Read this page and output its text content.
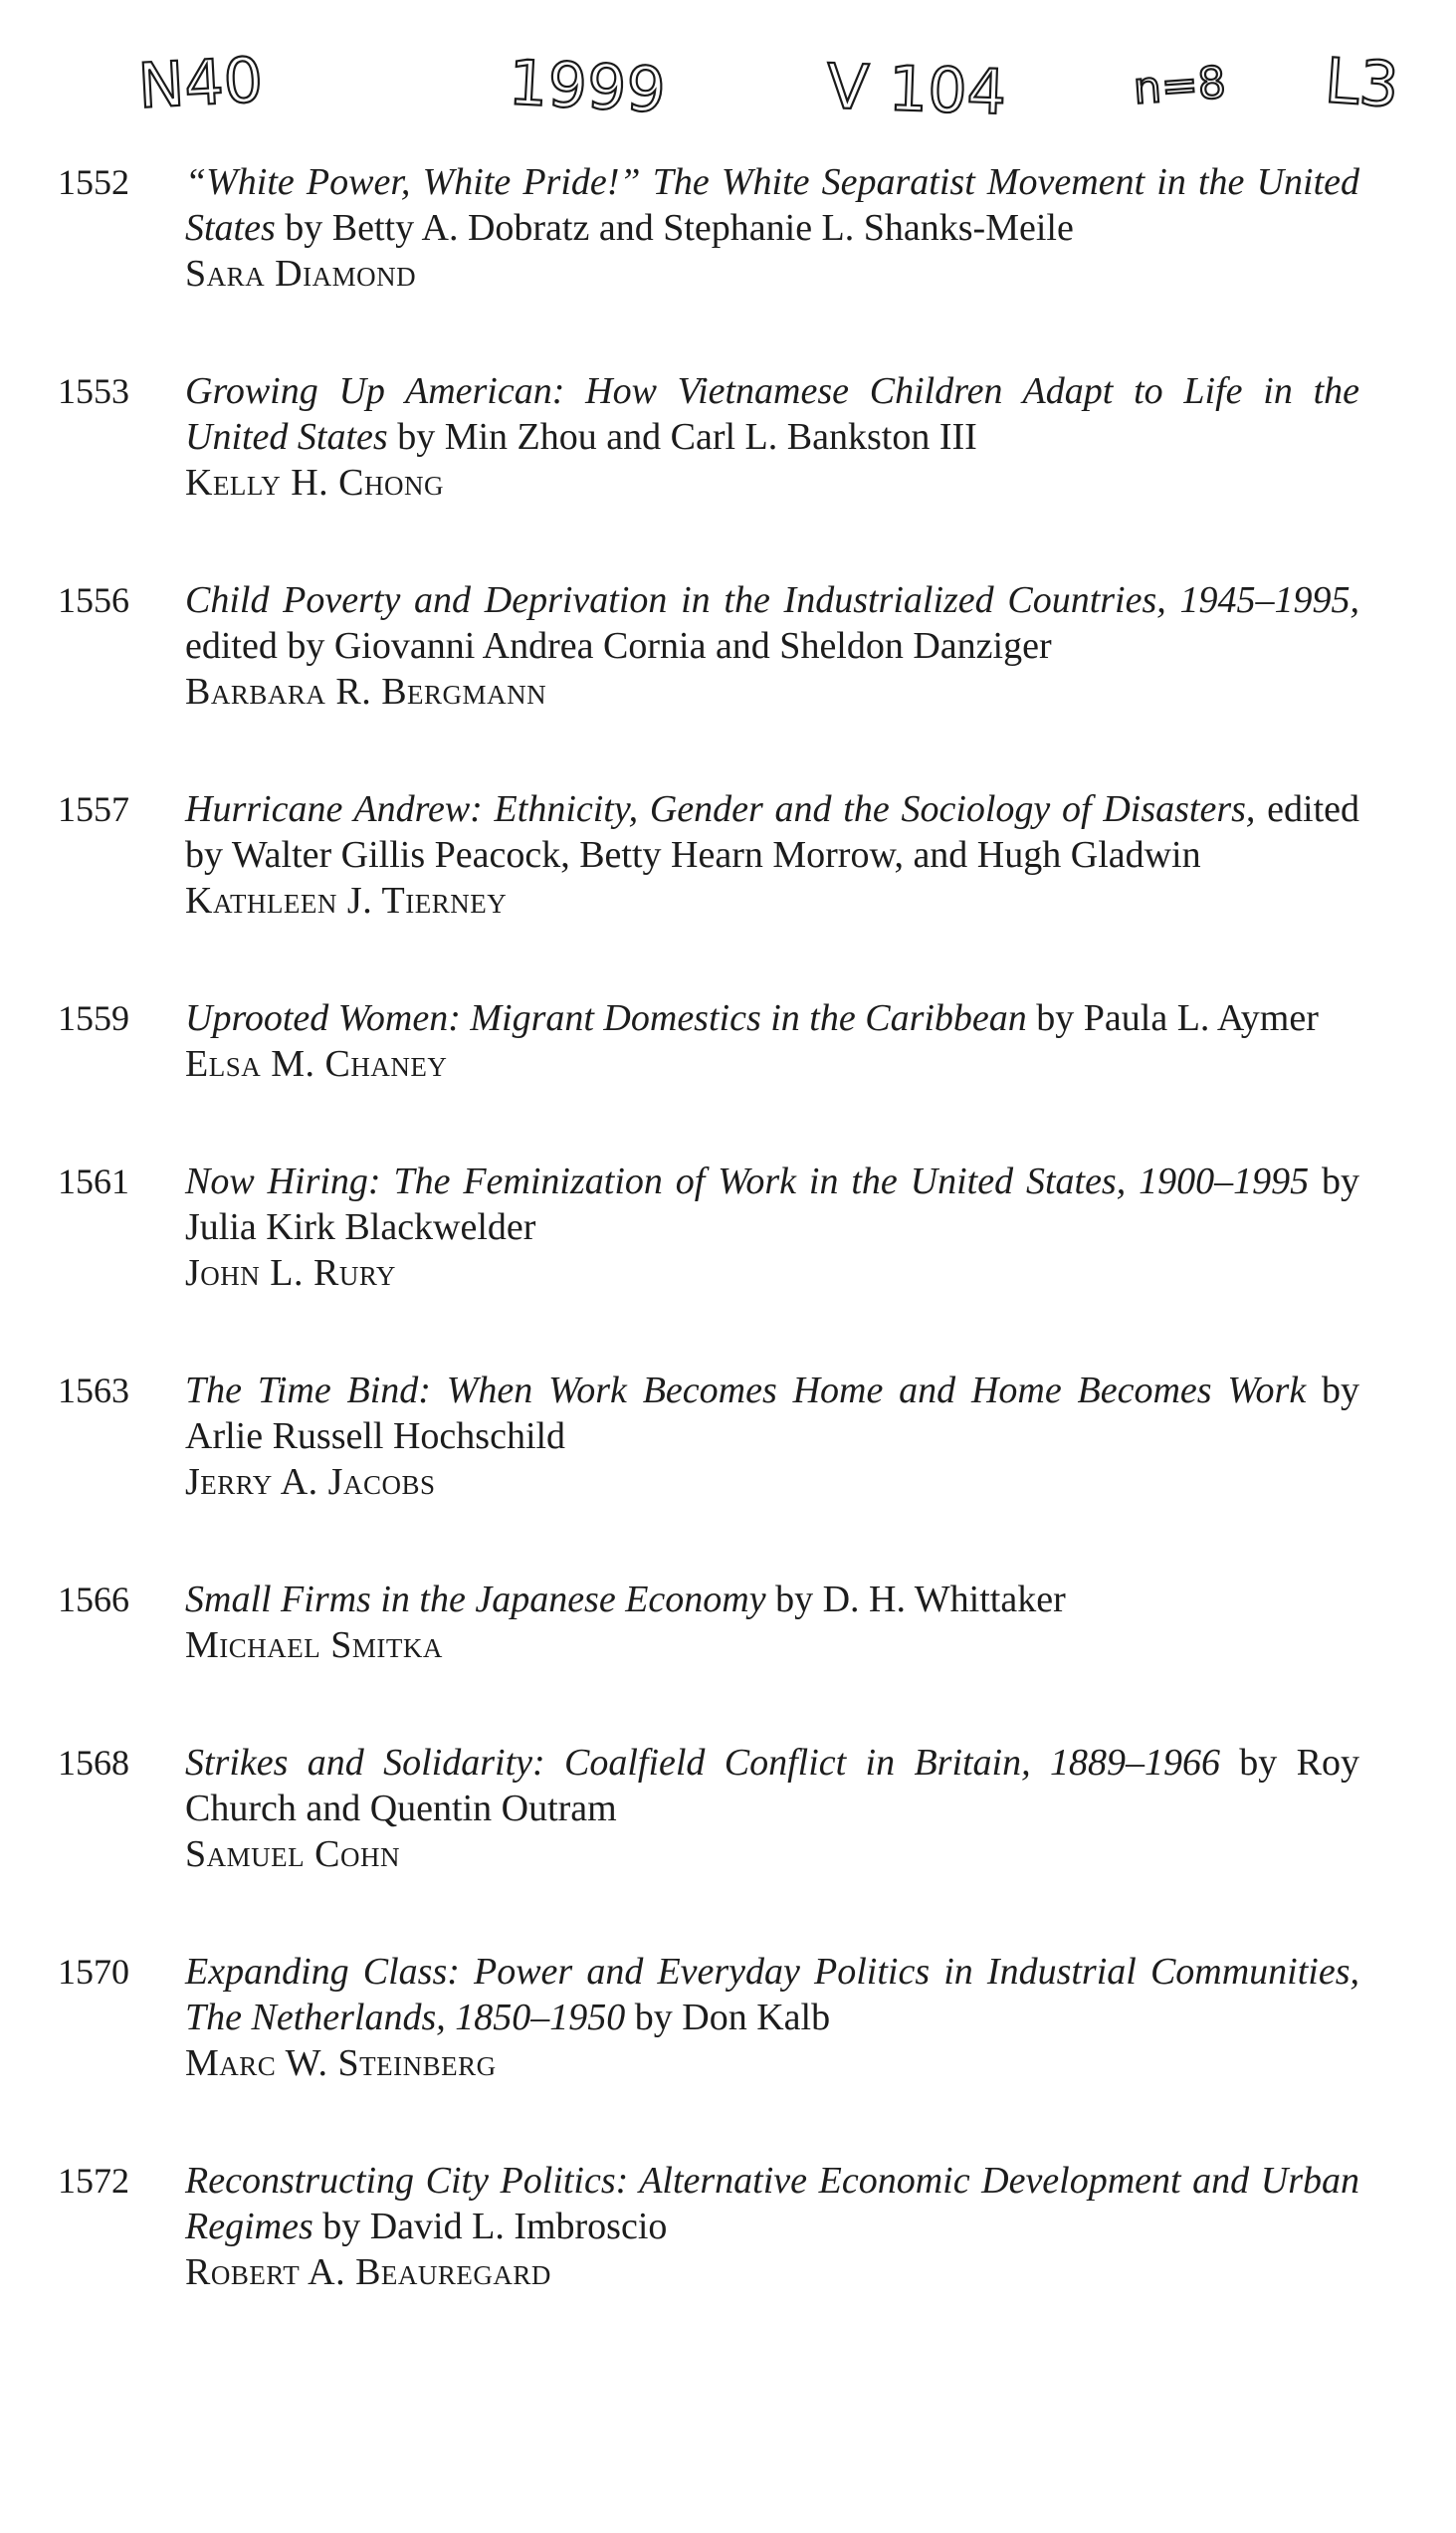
N40	1999	V 104	n=8 L3
1552	“White Power, White Pride!” The White Separatist Movement in the United States by Betty A. Dobratz and Stephanie L. Shanks-Meile

Sara Diamond

1553	Growing Up American: How Vietnamese Children Adapt to Life in the United States by Min Zhou and Carl L. Bankston III

Kelly H. Chong

1556	Child Poverty and Deprivation in the Industrialized Countries, 1945–1995, edited by Giovanni Andrea Cornia and Sheldon Danziger

Barbara R. Bergmann

1557	Hurricane Andrew: Ethnicity, Gender and the Sociology of Disasters, edited by Walter Gillis Peacock, Betty Hearn Morrow, and Hugh Gladwin

Kathleen J. Tierney

1559	Uprooted Women: Migrant Domestics in the Caribbean by Paula L. Aymer

Elsa M. Chaney

1561	Now Hiring: The Feminization of Work in the United States, 1900–1995 by Julia Kirk Blackwelder

John L. Rury

1563	The Time Bind: When Work Becomes Home and Home Becomes Work by Arlie Russell Hochschild

Jerry A. Jacobs

1566	Small Firms in the Japanese Economy by D. H. Whittaker

Michael Smitka

1568	Strikes and Solidarity: Coalfield Conflict in Britain, 1889–1966 by Roy Church and Quentin Outram

Samuel Cohn

1570	Expanding Class: Power and Everyday Politics in Industrial Communities, The Netherlands, 1850–1950 by Don Kalb

Marc W. Steinberg

1572	Reconstructing City Politics: Alternative Economic Development and Urban Regimes by David L. Imbroscio

Robert A. Beauregard
